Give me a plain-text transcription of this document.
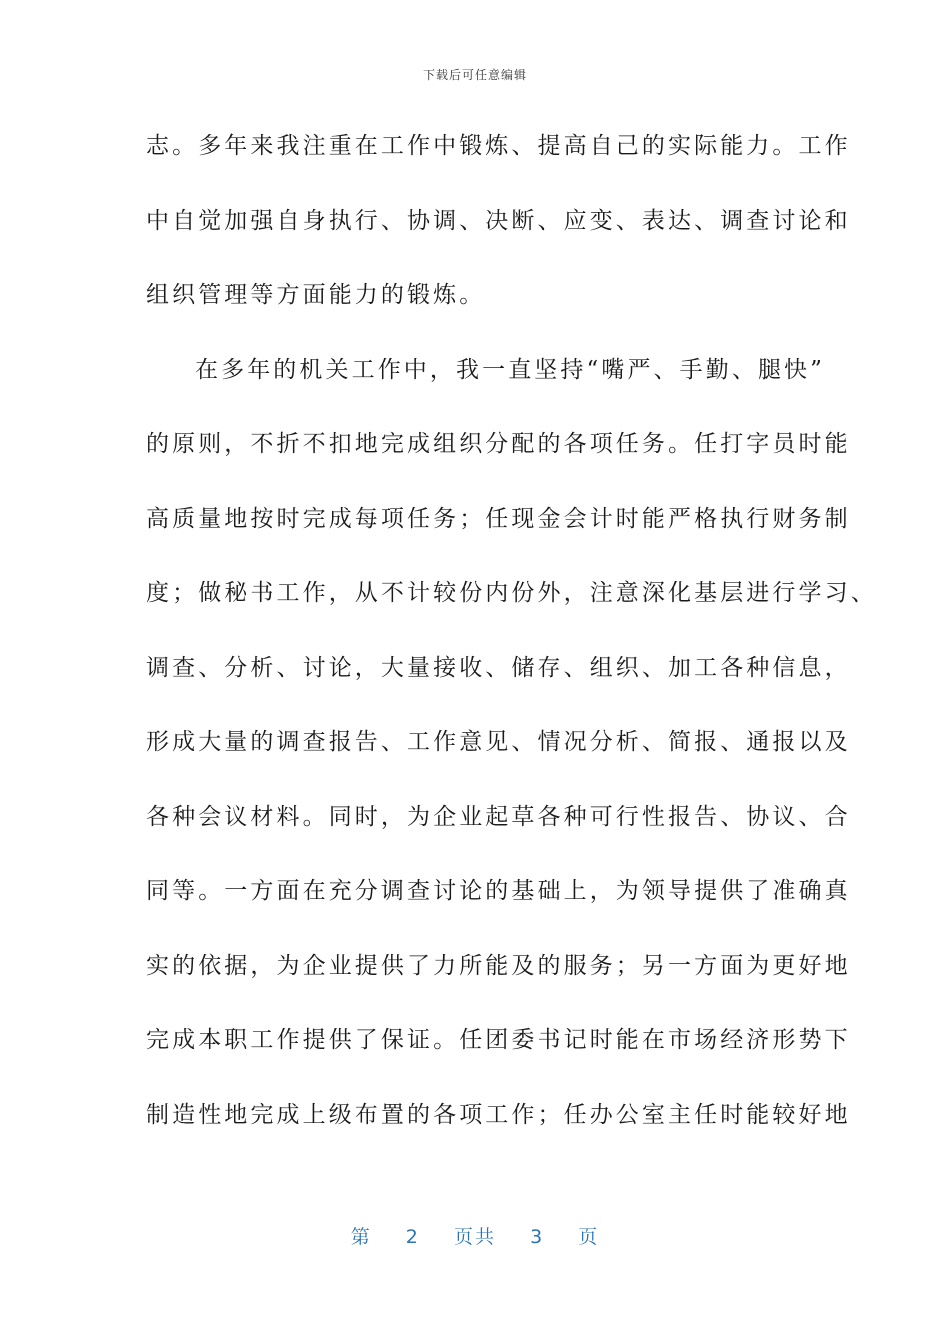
下载后可任意编辑
志。多年来我注重在工作中锻炼、提高自己的实际能力。工作
中自觉加强自身执行、协调、决断、应变、表达、调查讨论和
组织管理等方面能力的锻炼。
在多年的机关工作中，我一直坚持“嘴严、手勤、腿快”
的原则，不折不扣地完成组织分配的各项任务。任打字员时能
高质量地按时完成每项任务；任现金会计时能严格执行财务制
度；做秘书工作，从不计较份内份外，注意深化基层进行学习、
调查、分析、讨论，大量接收、储存、组织、加工各种信息，
形成大量的调查报告、工作意见、情况分析、简报、通报以及
各种会议材料。同时，为企业起草各种可行性报告、协议、合
同等。一方面在充分调查讨论的基础上，为领导提供了准确真
实的依据，为企业提供了力所能及的服务；另一方面为更好地
完成本职工作提供了保证。任团委书记时能在市场经济形势下
制造性地完成上级布置的各项工作；任办公室主任时能较好地
第 2 页共 3 页
